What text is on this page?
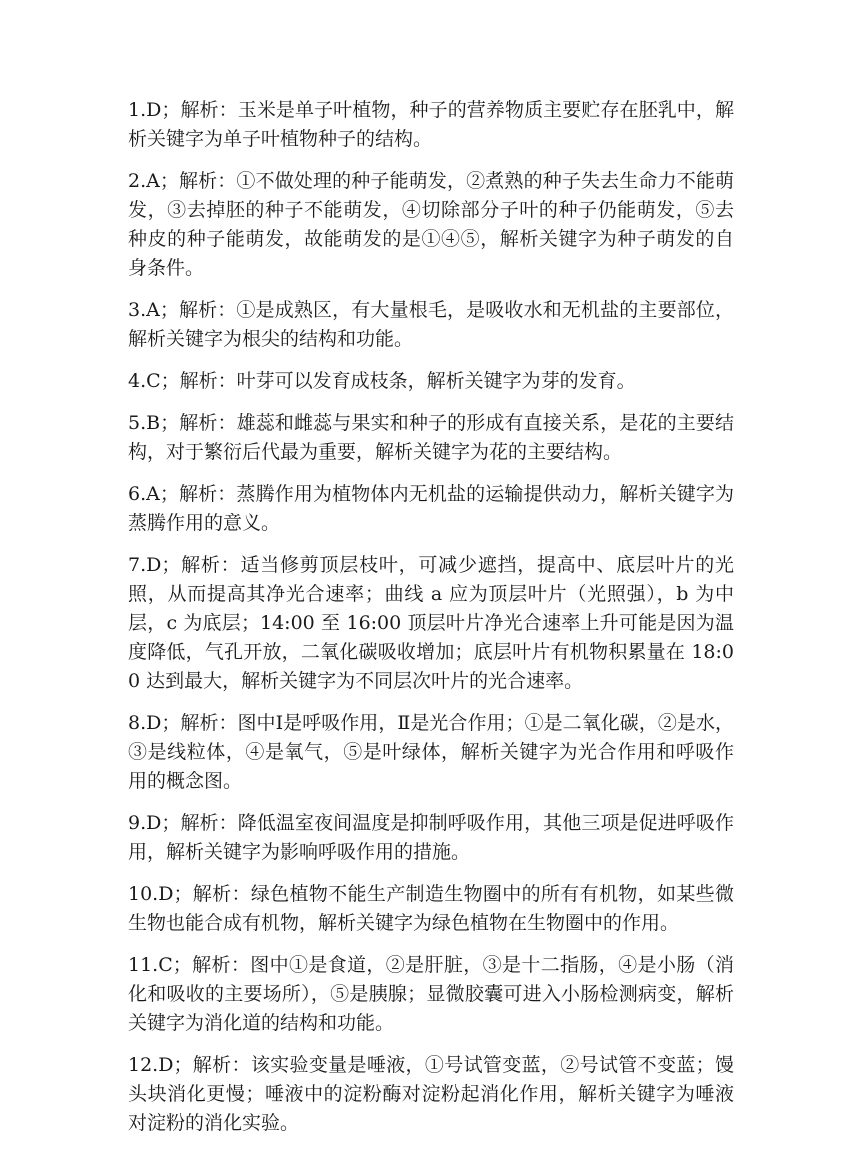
1.D；解析：玉米是单子叶植物，种子的营养物质主要贮存在胚乳中，解析关键字为单子叶植物种子的结构。

2.A；解析：①不做处理的种子能萌发，②煮熟的种子失去生命力不能萌发，③去掉胚的种子不能萌发，④切除部分子叶的种子仍能萌发，⑤去种皮的种子能萌发，故能萌发的是①④⑤，解析关键字为种子萌发的自身条件。

3.A；解析：①是成熟区，有大量根毛，是吸收水和无机盐的主要部位，解析关键字为根尖的结构和功能。

4.C；解析：叶芽可以发育成枝条，解析关键字为芽的发育。

5.B；解析：雄蕊和雌蕊与果实和种子的形成有直接关系，是花的主要结构，对于繁衍后代最为重要，解析关键字为花的主要结构。

6.A；解析：蒸腾作用为植物体内无机盐的运输提供动力，解析关键字为蒸腾作用的意义。

7.D；解析：适当修剪顶层枝叶，可减少遮挡，提高中、底层叶片的光照，从而提高其净光合速率；曲线 a 应为顶层叶片（光照强），b 为中层，c 为底层；14:00 至 16:00 顶层叶片净光合速率上升可能是因为温度降低，气孔开放，二氧化碳吸收增加；底层叶片有机物积累量在 18:00 达到最大，解析关键字为不同层次叶片的光合速率。

8.D；解析：图中Ⅰ是呼吸作用，Ⅱ是光合作用；①是二氧化碳，②是水，③是线粒体，④是氧气，⑤是叶绿体，解析关键字为光合作用和呼吸作用的概念图。

9.D；解析：降低温室夜间温度是抑制呼吸作用，其他三项是促进呼吸作用，解析关键字为影响呼吸作用的措施。

10.D；解析：绿色植物不能生产制造生物圈中的所有有机物，如某些微生物也能合成有机物，解析关键字为绿色植物在生物圈中的作用。

11.C；解析：图中①是食道，②是肝脏，③是十二指肠，④是小肠（消化和吸收的主要场所），⑤是胰腺；显微胶囊可进入小肠检测病变，解析关键字为消化道的结构和功能。

12.D；解析：该实验变量是唾液，①号试管变蓝，②号试管不变蓝；馒头块消化更慢；唾液中的淀粉酶对淀粉起消化作用，解析关键字为唾液对淀粉的消化实验。
